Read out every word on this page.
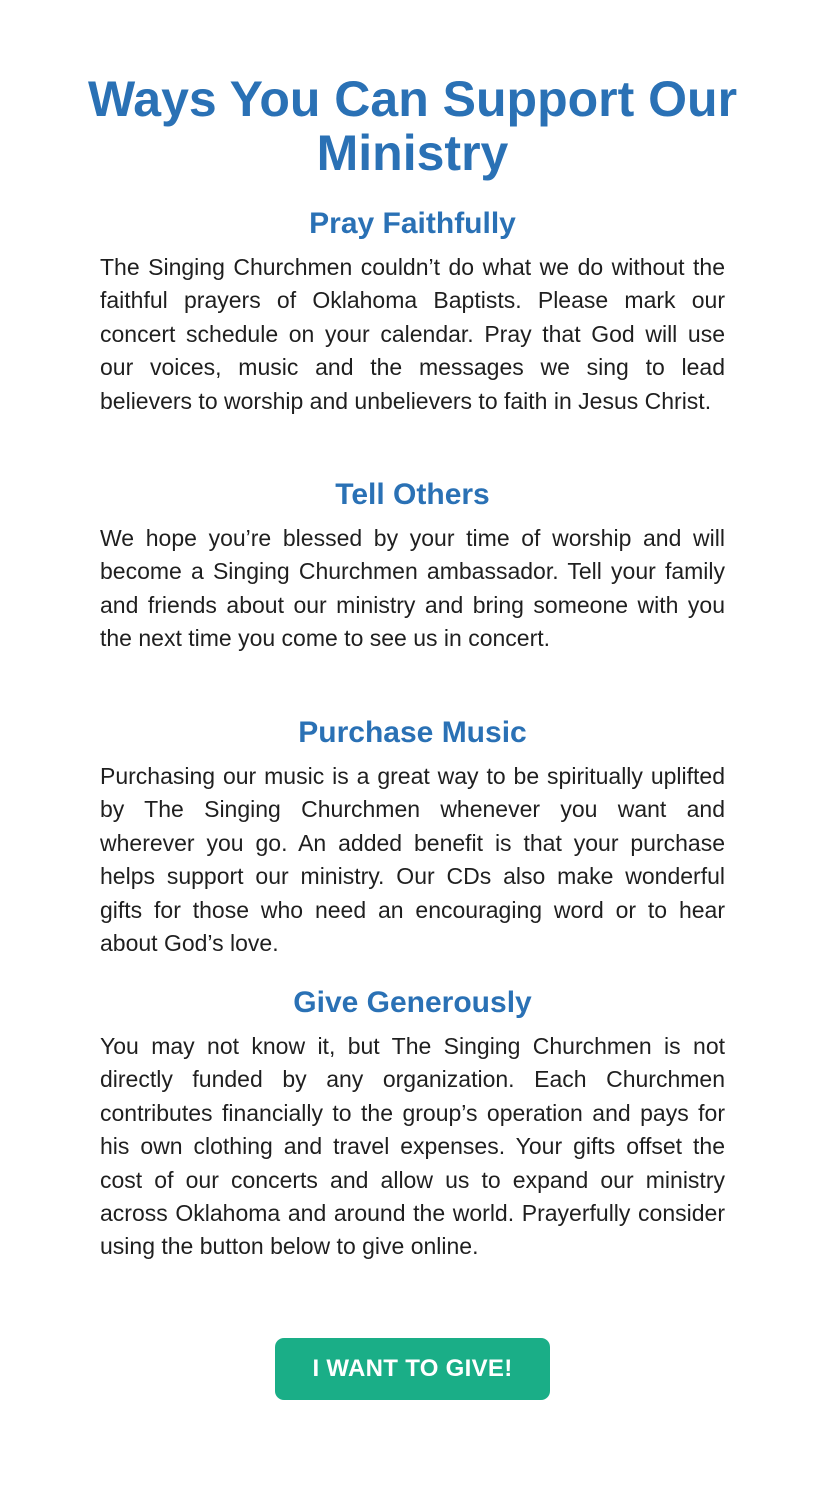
Ways You Can Support Our Ministry
Pray Faithfully

The Singing Churchmen couldn’t do what we do without the faithful prayers of Oklahoma Baptists. Please mark our concert schedule on your calendar. Pray that God will use our voices, music and the messages we sing to lead believers to worship and unbelievers to faith in Jesus Christ.

Tell Others

We hope you’re blessed by your time of worship and will become a Singing Churchmen ambassador. Tell your family and friends about our ministry and bring someone with you the next time you come to see us in concert.

Purchase Music

Purchasing our music is a great way to be spiritually uplifted by The Singing Churchmen whenever you want and wherever you go. An added benefit is that your purchase helps support our ministry. Our CDs also make wonderful gifts for those who need an encouraging word or to hear about God’s love.

Give Generously

You may not know it, but The Singing Churchmen is not directly funded by any organization. Each Churchmen contributes financially to the group’s operation and pays for his own clothing and travel expenses. Your gifts offset the cost of our concerts and allow us to expand our ministry across Oklahoma and around the world. Prayerfully consider using the button below to give online.

I WANT TO GIVE!
